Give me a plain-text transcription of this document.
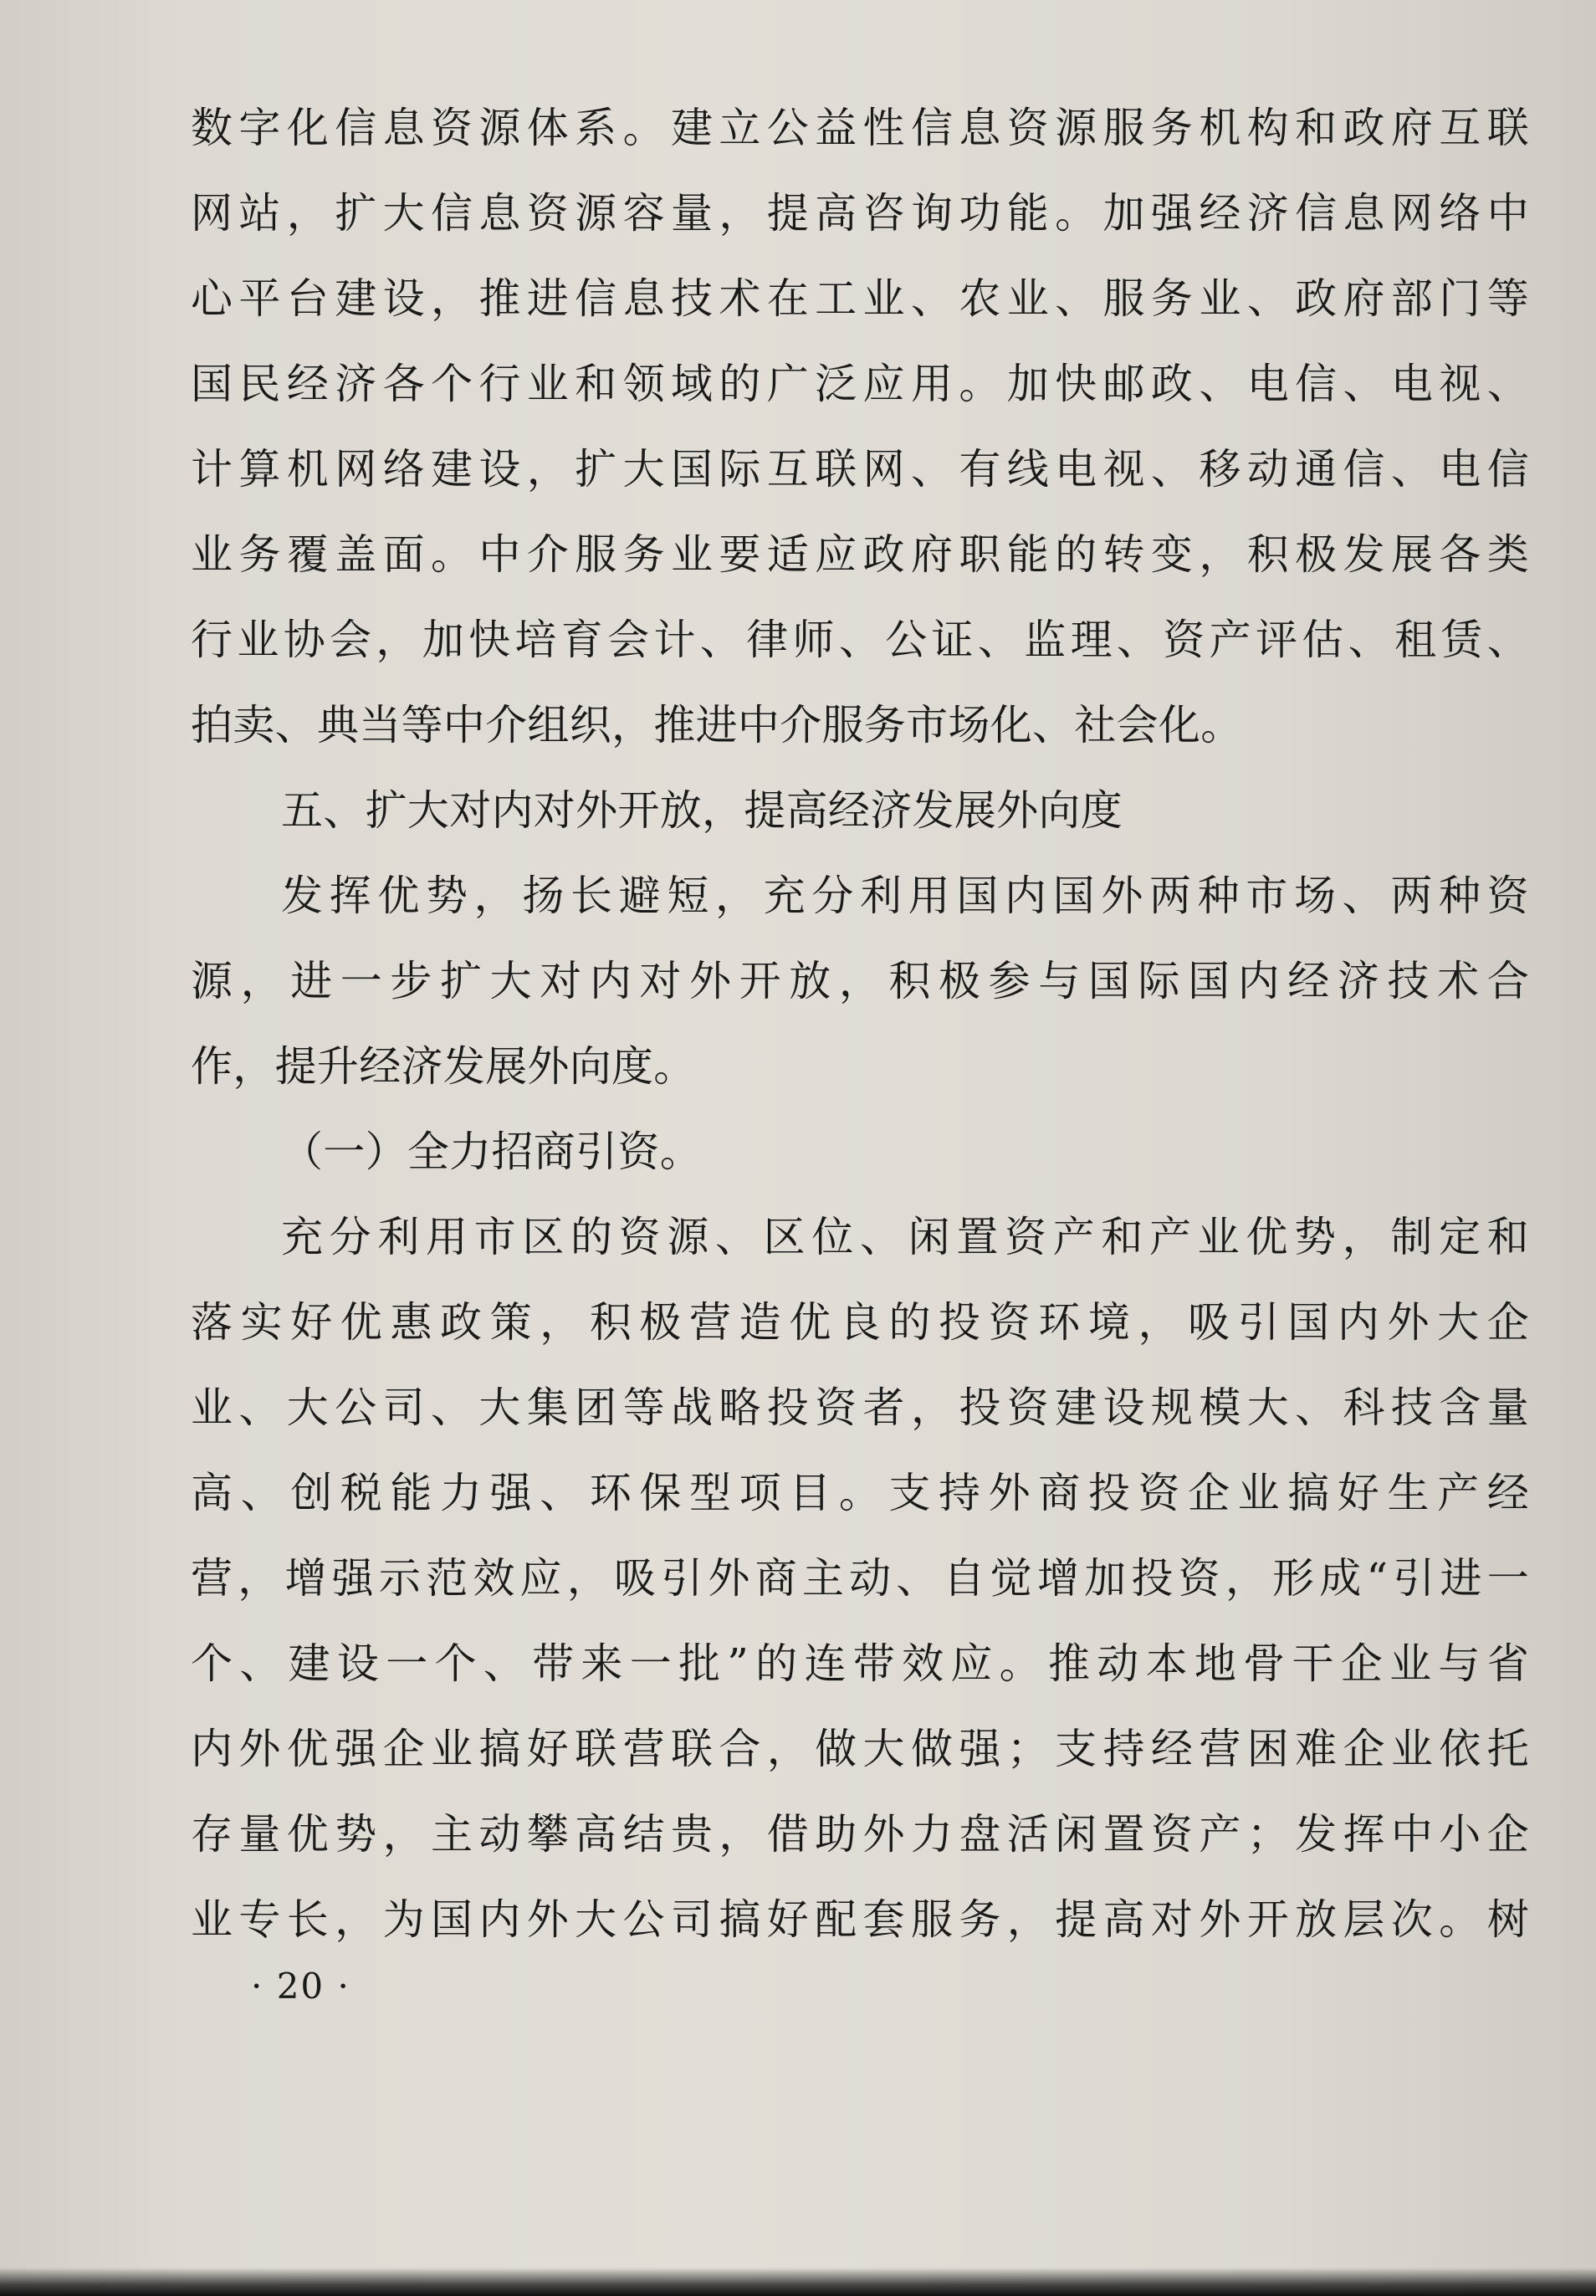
数字化信息资源体系。建立公益性信息资源服务机构和政府互联
网站，扩大信息资源容量，提高咨询功能。加强经济信息网络中
心平台建设，推进信息技术在工业、农业、服务业、政府部门等
国民经济各个行业和领域的广泛应用。加快邮政、电信、电视、
计算机网络建设，扩大国际互联网、有线电视、移动通信、电信
业务覆盖面。中介服务业要适应政府职能的转变，积极发展各类
行业协会，加快培育会计、律师、公证、监理、资产评估、租赁、
拍卖、典当等中介组织，推进中介服务市场化、社会化。
五、扩大对内对外开放，提高经济发展外向度
发挥优势，扬长避短，充分利用国内国外两种市场、两种资
源，进一步扩大对内对外开放，积极参与国际国内经济技术合
作，提升经济发展外向度。
（一）全力招商引资。
充分利用市区的资源、区位、闲置资产和产业优势，制定和
落实好优惠政策，积极营造优良的投资环境，吸引国内外大企
业、大公司、大集团等战略投资者，投资建设规模大、科技含量
高、创税能力强、环保型项目。支持外商投资企业搞好生产经
营，增强示范效应，吸引外商主动、自觉增加投资，形成“引进一
个、建设一个、带来一批”的连带效应。推动本地骨干企业与省
内外优强企业搞好联营联合，做大做强；支持经营困难企业依托
存量优势，主动攀高结贵，借助外力盘活闲置资产；发挥中小企
业专长，为国内外大公司搞好配套服务，提高对外开放层次。树
· 20 ·
